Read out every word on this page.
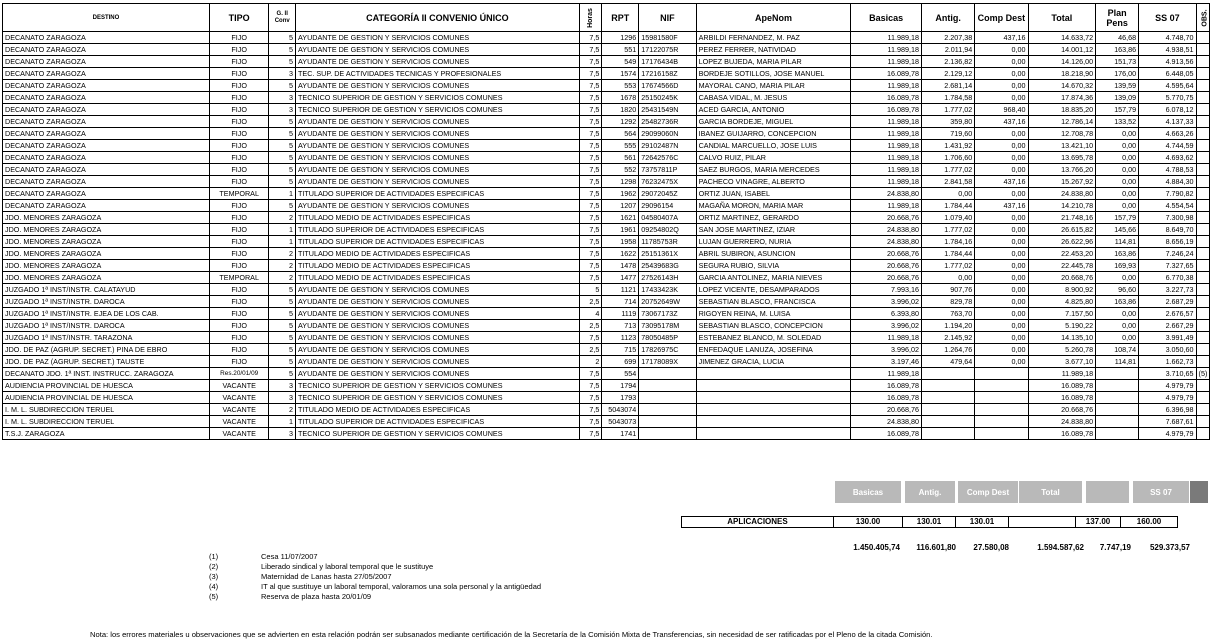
DESTINO	TIPO	G. II Conv	CATEGORÍA II CONVENIO ÚNICO	Horas	RPT	NIF	ApeNom	Basicas	Antig.	Comp Dest	Total	Plan Pens	SS 07	OBS.
DECANATO ZARAGOZA	FIJO	5	AYUDANTE DE GESTION Y SERVICIOS COMUNES	7,5	1296	15981580F	ARBILDI FERNANDEZ, M. PAZ	11.989,18	2.207,38	437,16	14.633,72	46,68	4.748,70	
DECANATO ZARAGOZA	FIJO	5	AYUDANTE DE GESTION Y SERVICIOS COMUNES	7,5	551	17122075R	PEREZ FERRER, NATIVIDAD	11.989,18	2.011,94	0,00	14.001,12	163,86	4.938,51	
DECANATO ZARAGOZA	FIJO	5	AYUDANTE DE GESTION Y SERVICIOS COMUNES	7,5	549	17176434B	LOPEZ BUJEDA, MARIA PILAR	11.989,18	2.136,82	0,00	14.126,00	151,73	4.913,56	
DECANATO ZARAGOZA	FIJO	3	TEC. SUP. DE ACTIVIDADES TECNICAS Y PROFESIONALES	7,5	1574	17216158Z	BORDEJE SOTILLOS, JOSE MANUEL	16.089,78	2.129,12	0,00	18.218,90	176,00	6.448,05	
DECANATO ZARAGOZA	FIJO	5	AYUDANTE DE GESTION Y SERVICIOS COMUNES	7,5	553	17674566D	MAYORAL CANO, MARIA PILAR	11.989,18	2.681,14	0,00	14.670,32	139,59	4.595,64	
DECANATO ZARAGOZA	FIJO	3	TECNICO SUPERIOR DE GESTION Y SERVICIOS COMUNES	7,5	1678	25150245K	CABASA VIDAL, M. JESUS	16.089,78	1.784,58	0,00	17.874,36	139,09	5.770,75	
DECANATO ZARAGOZA	FIJO	3	TECNICO SUPERIOR DE GESTION Y SERVICIOS COMUNES	7,5	1820	25431549N	ACED GARCIA, ANTONIO	16.089,78	1.777,02	968,40	18.835,20	157,79	6.078,12	
DECANATO ZARAGOZA	FIJO	5	AYUDANTE DE GESTION Y SERVICIOS COMUNES	7,5	1292	25482736R	GARCIA BORDEJE, MIGUEL	11.989,18	359,80	437,16	12.786,14	133,52	4.137,33	
DECANATO ZARAGOZA	FIJO	5	AYUDANTE DE GESTION Y SERVICIOS COMUNES	7,5	564	29099060N	IBANEZ GUIJARRO, CONCEPCION	11.989,18	719,60	0,00	12.708,78	0,00	4.663,26	
DECANATO ZARAGOZA	FIJO	5	AYUDANTE DE GESTION Y SERVICIOS COMUNES	7,5	555	29102487N	CANDIAL MARCUELLO, JOSE LUIS	11.989,18	1.431,92	0,00	13.421,10	0,00	4.744,59	
DECANATO ZARAGOZA	FIJO	5	AYUDANTE DE GESTION Y SERVICIOS COMUNES	7,5	561	72642576C	CALVO RUIZ, PILAR	11.989,18	1.706,60	0,00	13.695,78	0,00	4.693,62	
DECANATO ZARAGOZA	FIJO	5	AYUDANTE DE GESTION Y SERVICIOS COMUNES	7,5	552	73757811P	SAEZ BURGOS, MARIA MERCEDES	11.989,18	1.777,02	0,00	13.766,20	0,00	4.788,53	
DECANATO ZARAGOZA	FIJO	5	AYUDANTE DE GESTION Y SERVICIOS COMUNES	7,5	1298	76232475X	PACHECO VINAGRE, ALBERTO	11.989,18	2.841,58	437,16	15.267,92	0,00	4.884,30	
DECANATO ZARAGOZA	TEMPORAL	1	TITULADO SUPERIOR DE ACTIVIDADES ESPECIFICAS	7,5	1962	29072045Z	ORTIZ JUAN, ISABEL	24.838,80	0,00	0,00	24.838,80	0,00	7.790,82	
DECANATO ZARAGOZA	FIJO	5	AYUDANTE DE GESTION Y SERVICIOS COMUNES	7,5	1207	29096154	MAGAÑA MORON, MARIA MAR	11.989,18	1.784,44	437,16	14.210,78	0,00	4.554,54	
JDO. MENORES ZARAGOZA	FIJO	2	TITULADO MEDIO DE ACTIVIDADES ESPECIFICAS	7,5	1621	04580407A	ORTIZ MARTINEZ, GERARDO	20.668,76	1.079,40	0,00	21.748,16	157,79	7.300,98	
JDO. MENORES ZARAGOZA	FIJO	1	TITULADO SUPERIOR DE ACTIVIDADES ESPECIFICAS	7,5	1961	09254802Q	SAN JOSE MARTINEZ, IZIAR	24.838,80	1.777,02	0,00	26.615,82	145,66	8.649,70	
JDO. MENORES ZARAGOZA	FIJO	1	TITULADO SUPERIOR DE ACTIVIDADES ESPECIFICAS	7,5	1958	11785753R	LUJAN GUERRERO, NURIA	24.838,80	1.784,16	0,00	26.622,96	114,81	8.656,19	
JDO. MENORES ZARAGOZA	FIJO	2	TITULADO MEDIO DE ACTIVIDADES ESPECIFICAS	7,5	1622	25151361X	ABRIL SUBIRON, ASUNCION	20.668,76	1.784,44	0,00	22.453,20	163,86	7.246,24	
JDO. MENORES ZARAGOZA	FIJO	2	TITULADO MEDIO DE ACTIVIDADES ESPECIFICAS	7,5	1478	25439683G	SEGURA RUBIO, SILVIA	20.668,76	1.777,02	0,00	22.445,78	169,93	7.327,65	
JDO. MENORES ZARAGOZA	TEMPORAL	2	TITULADO MEDIO DE ACTIVIDADES ESPECIFICAS	7,5	1477	27526143H	GARCIA ANTOLINEZ, MARIA NIEVES	20.668,76	0,00	0,00	20.668,76	0,00	6.770,38	
JUZGADO 1ª INST/INSTR. CALATAYUD	FIJO	5	AYUDANTE DE GESTION Y SERVICIOS COMUNES	5	1121	17433423K	LOPEZ VICENTE, DESAMPARADOS	7.993,16	907,76	0,00	8.900,92	96,60	3.227,73	
JUZGADO 1ª INST/INSTR. DAROCA	FIJO	5	AYUDANTE DE GESTION Y SERVICIOS COMUNES	2,5	714	20752649W	SEBASTIAN BLASCO, FRANCISCA	3.996,02	829,78	0,00	4.825,80	163,86	2.687,29	
JUZGADO 1ª INST/INSTR. EJEA DE LOS CAB.	FIJO	5	AYUDANTE DE GESTION Y SERVICIOS COMUNES	4	1119	73067173Z	RIGOYEN REINA, M. LUISA	6.393,80	763,70	0,00	7.157,50	0,00	2.676,57	
JUZGADO 1ª INST/INSTR. DAROCA	FIJO	5	AYUDANTE DE GESTION Y SERVICIOS COMUNES	2,5	713	73095178M	SEBASTIAN BLASCO, CONCEPCION	3.996,02	1.194,20	0,00	5.190,22	0,00	2.667,29	
JUZGADO 1ª INST/INSTR. TARAZONA	FIJO	5	AYUDANTE DE GESTION Y SERVICIOS COMUNES	7,5	1123	78050485P	ESTEBANEZ BLANCO, M. SOLEDAD	11.989,18	2.145,92	0,00	14.135,10	0,00	3.991,49	
JDO. DE PAZ (AGRUP. SECRET.) PINA DE EBRO	FIJO	5	AYUDANTE DE GESTION Y SERVICIOS COMUNES	2,5	715	17826975C	ENFEDAQUE LANUZA, JOSEFINA	3.996,02	1.264,76	0,00	5.260,78	108,74	3.050,60	
JDO. DE PAZ (AGRUP. SECRET.) TAUSTE	FIJO	5	AYUDANTE DE GESTION Y SERVICIOS COMUNES	2	699	17178089X	JIMENEZ GRACIA, LUCIA	3.197,46	479,64	0,00	3.677,10	114,81	1.662,73	
DECANATO JDO. 1ª INST. INSTRUCC. ZARAGOZA	Res.20/01/09	5	AYUDANTE DE GESTION Y SERVICIOS COMUNES	7,5	554			11.989,18			11.989,18		3.710,65	(5)
AUDIENCIA PROVINCIAL DE HUESCA	VACANTE	3	TECNICO SUPERIOR DE GESTION Y SERVICIOS COMUNES	7,5	1794			16.089,78			16.089,78		4.979,79	
AUDIENCIA PROVINCIAL DE HUESCA	VACANTE	3	TECNICO SUPERIOR DE GESTION Y SERVICIOS COMUNES	7,5	1793			16.089,78			16.089,78		4.979,79	
I. M. L. SUBDIRECCION TERUEL	VACANTE	2	TITULADO MEDIO DE ACTIVIDADES ESPECIFICAS	7,5	5043074			20.668,76			20.668,76		6.396,98	
I. M. L. SUBDIRECCION TERUEL	VACANTE	1	TITULADO SUPERIOR DE ACTIVIDADES ESPECIFICAS	7,5	5043073			24.838,80			24.838,80		7.687,61	
T.S.J. ZARAGOZA	VACANTE	3	TECNICO SUPERIOR DE GESTION Y SERVICIOS COMUNES	7,5	1741			16.089,78			16.089,78		4.979,79	
1.450.405,74	116.601,80	27.580,08	1.594.587,62	7.747,19	529.373,57
Basicas	Antig.	Comp Dest	Total	SS 07
APLICACIONES	130.00	130.01	130.01		137.00	160.00
(1)	Cesa 11/07/2007
(2)	Liberado sindical y laboral temporal que le sustituye
(3)	Maternidad de Lanas hasta 27/05/2007
(4)	IT al que sustituye un laboral temporal, valoramos una sola personal y la antigüedad
(5)	Reserva de plaza hasta 20/01/09
Nota: los errores materiales u observaciones que se advierten en esta relación podrán ser subsanados mediante certificación de la Secretaría de la Comisión Mixta de Transferencias, sin necesidad de ser ratificadas por el Pleno de la citada Comisión.
